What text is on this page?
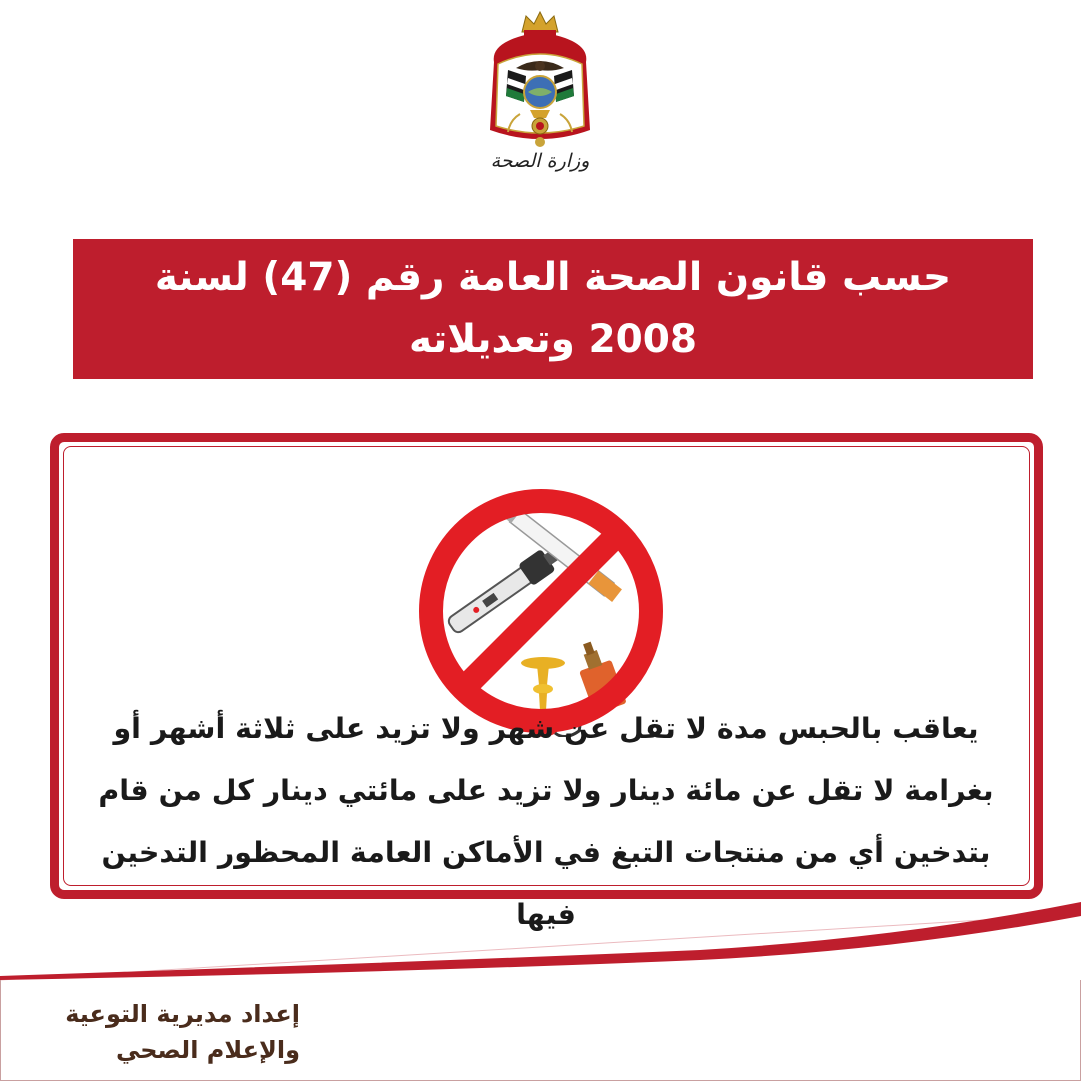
وزارة الصحة
حسب قانون الصحة العامة رقم (47) لسنة 2008 وتعديلاته
يعاقب بالحبس مدة لا تقل عن شهر ولا تزيد على ثلاثة أشهر أو بغرامة لا تقل عن مائة دينار ولا تزيد على مائتي دينار كل من قام بتدخين أي من منتجات التبغ في الأماكن العامة المحظور التدخين فيها
إعداد مديرية التوعية
والإعلام الصحي
